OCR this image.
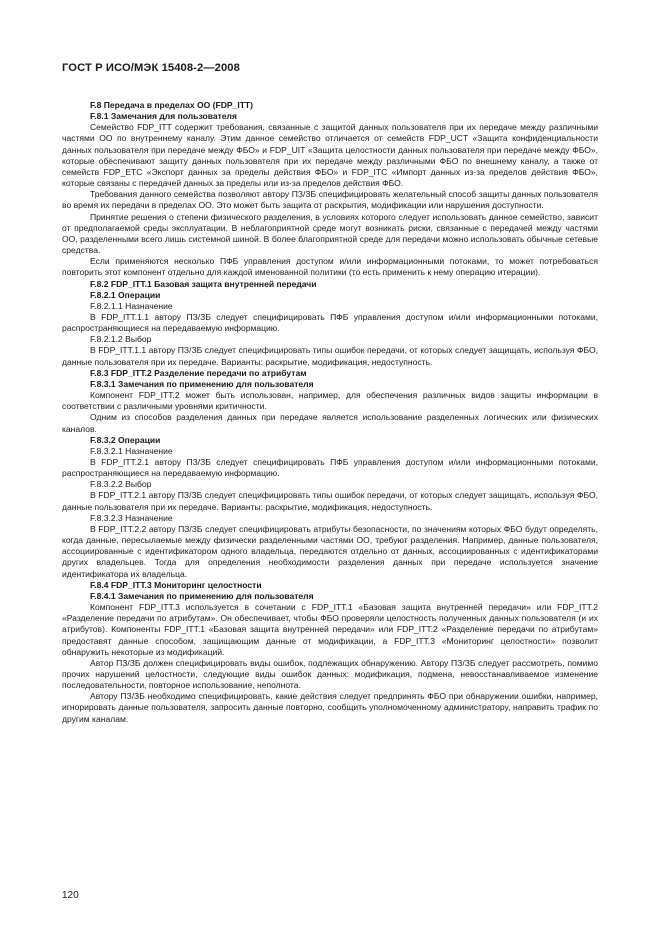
ГОСТ Р ИСО/МЭК 15408-2—2008

F.8 Передача в пределах ОО (FDP_ITT)

F.8.1 Замечания для пользователя

Семейство FDP_ITT содержит требования, связанные с защитой данных пользователя при их передаче между различными частями ОО по внутреннему каналу. Этим данное семейство отличается от семейств FDP_UCT «Защита конфиденциальности данных пользователя при передаче между ФБО» и FDP_UIT «Защита целостности данных пользователя при передаче между ФБО», которые обеспечивают защиту данных пользователя при их передаче между различными ФБО по внешнему каналу, а также от семейств FDP_ETC «Экспорт данных за пределы действия ФБО» и FDP_ITC «Импорт данных из-за пределов действия ФБО», которые связаны с передачей данных за пределы или из-за пределов действия ФБО.

Требования данного семейства позволяют автору ПЗ/ЗБ специфицировать желательный способ защиты данных пользователя во время их передачи в пределах ОО. Это может быть защита от раскрытия, модификации или нарушения доступности.

Принятие решения о степени физического разделения, в условиях которого следует использовать данное семейство, зависит от предполагаемой среды эксплуатации. В неблагоприятной среде могут возникать риски, связанные с передачей между частями ОО, разделенными всего лишь системной шиной. В более благоприятной среде для передачи можно использовать обычные сетевые средства.

Если применяются несколько ПФБ управления доступом и/или информационными потоками, то может потребоваться повторить этот компонент отдельно для каждой именованной политики (то есть применить к нему операцию итерации).

F.8.2 FDP_ITT.1 Базовая защита внутренней передачи

F.8.2.1 Операции

F.8.2.1.1 Назначение

В FDP_ITT.1.1 автору ПЗ/ЗБ следует специфицировать ПФБ управления доступом и/или информационными потоками, распространяющиеся на передаваемую информацию.

F.8.2.1.2 Выбор

В FDP_ITT.1.1 автору ПЗ/ЗБ следует специфицировать типы ошибок передачи, от которых следует защищать, используя ФБО, данные пользователя при их передаче. Варианты: раскрытие, модификация, недоступность.

F.8.3 FDP_ITT.2 Разделение передачи по атрибутам

F.8.3.1 Замечания по применению для пользователя

Компонент FDP_ITT.2 может быть использован, например, для обеспечения различных видов защиты информации в соответствии с различными уровнями критичности.

Одним из способов разделения данных при передаче является использование разделенных логических или физических каналов.

F.8.3.2 Операции

F.8.3.2.1 Назначение

В FDP_ITT.2.1 автору ПЗ/ЗБ следует специфицировать ПФБ управления доступом и/или информационными потоками, распространяющиеся на передаваемую информацию.

F.8.3.2.2 Выбор

В FDP_ITT.2.1 автору ПЗ/ЗБ следует специфицировать типы ошибок передачи, от которых следует защищать, используя ФБО, данные пользователя при их передаче. Варианты: раскрытие, модификация, недоступность.

F.8.3.2.3 Назначение

В FDP_ITT.2.2 автору ПЗ/ЗБ следует специфицировать атрибуты безопасности, по значениям которых ФБО будут определять, когда данные, пересылаемые между физически разделенными частями ОО, требуют разделения. Например, данные пользователя, ассоциированные с идентификатором одного владельца, передаются отдельно от данных, ассоциированных с идентификаторами других владельцев. Тогда для определения необходимости разделения данных при передаче используется значение идентификатора их владельца.

F.8.4 FDP_ITT.3 Мониторинг целостности

F.8.4.1 Замечания по применению для пользователя

Компонент FDP_ITT.3 используется в сочетании с FDP_ITT.1 «Базовая защита внутренней передачи» или FDP_ITT.2 «Разделение передачи по атрибутам». Он обеспечивает, чтобы ФБО проверяли целостность полученных данных пользователя (и их атрибутов). Компоненты FDP_ITT.1 «Базовая защита внутренней передачи» или FDP_ITT.2 «Разделение передачи по атрибутам» предоставят данные способом, защищающим данные от модификации, а FDP_ITT.3 «Мониторинг целостности» позволит обнаружить некоторые из модификаций.

Автор ПЗ/ЗБ должен специфицировать виды ошибок, подлежащих обнаружению. Автору ПЗ/ЗБ следует рассмотреть, помимо прочих нарушений целостности, следующие виды ошибок данных: модификация, подмена, невосстанавливаемое изменение последовательности, повторное использование, неполнота.

Автору ПЗ/ЗБ необходимо специфицировать, какие действия следует предпринять ФБО при обнаружении ошибки, например, игнорировать данные пользователя, запросить данные повторно, сообщить уполномоченному администратору, направить трафик по другим каналам.

120
